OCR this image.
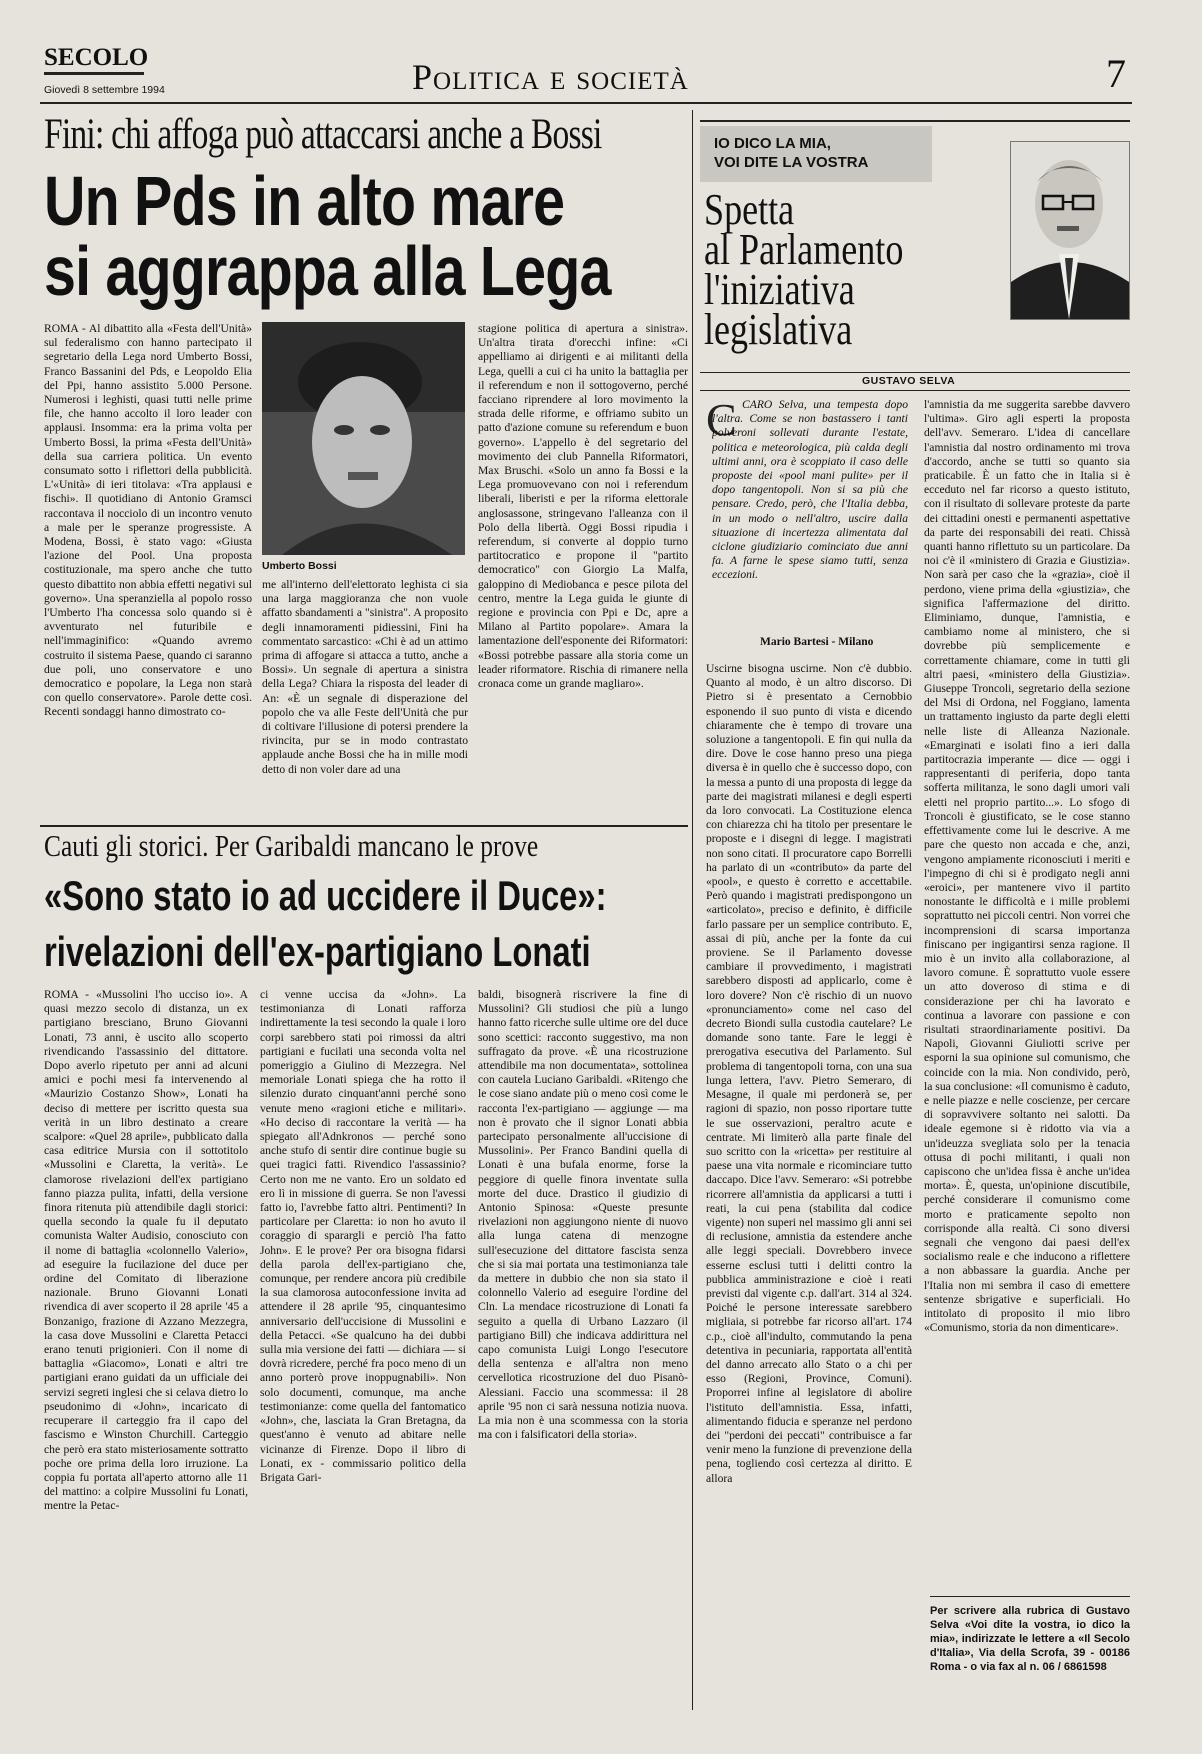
SECOLO
Giovedì 8 settembre 1994	Politica e società	7
Fini: chi affoga può attaccarsi anche a Bossi
Un Pds in alto mare
si aggrappa alla Lega

ROMA - Al dibattito alla «Festa dell'Unità» sul federalismo con hanno partecipato il segretario della Lega nord Umberto Bossi, Franco Bassanini del Pds, e Leopoldo Elia del Ppi, hanno assistito 5.000 Persone. Numerosi i leghisti, quasi tutti nelle prime file, che hanno accolto il loro leader con applausi. Insomma: era la prima volta per Umberto Bossi, la prima «Festa dell'Unità» della sua carriera politica. Un evento consumato sotto i riflettori della pubblicità. L'«Unità» di ieri titolava: «Tra applausi e fischi». Il quotidiano di Antonio Gramsci raccontava il nocciolo di un incontro venuto a male per le speranze progressiste. A Modena, Bossi, è stato vago: «Giusta l'azione del Pool. Una proposta costituzionale, ma spero anche che tutto questo dibattito non abbia effetti negativi sul governo». Una speranziella al popolo rosso l'Umberto l'ha concessa solo quando si è avventurato nel futuribile e nell'immaginifico: «Quando avremo costruito il sistema Paese, quando ci saranno due poli, uno conservatore e uno democratico e popolare, la Lega non starà con quello conservatore». Parole dette così. Recenti sondaggi hanno dimostrato co-

Umberto Bossi

me all'interno dell'elettorato leghista ci sia una larga maggioranza che non vuole affatto sbandamenti a "sinistra". A proposito degli innamoramenti pidiessini, Fini ha commentato sarcastico: «Chi è ad un attimo prima di affogare si attacca a tutto, anche a Bossi». Un segnale di apertura a sinistra della Lega? Chiara la risposta del leader di An: «È un segnale di disperazione del popolo che va alle Feste dell'Unità che pur di coltivare l'illusione di potersi prendere la rivincita, pur se in modo contrastato applaude anche Bossi che ha in mille modi detto di non voler dare ad una

stagione politica di apertura a sinistra». Un'altra tirata d'orecchi infine: «Ci appelliamo ai dirigenti e ai militanti della Lega, quelli a cui ci ha unito la battaglia per il referendum e non il sottogoverno, perché facciano riprendere al loro movimento la strada delle riforme, e offriamo subito un patto d'azione comune su referendum e buon governo». L'appello è del segretario del movimento dei club Pannella Riformatori, Max Bruschi. «Solo un anno fa Bossi e la Lega promuovevano con noi i referendum liberali, liberisti e per la riforma elettorale anglosassone, stringevano l'alleanza con il Polo della libertà. Oggi Bossi ripudia i referendum, si converte al doppio turno partitocratico e propone il "partito democratico" con Giorgio La Malfa, galoppino di Mediobanca e pesce pilota del centro, mentre la Lega guida le giunte di regione e provincia con Ppi e Dc, apre a Milano al Partito popolare». Amara la lamentazione dell'esponente dei Riformatori: «Bossi potrebbe passare alla storia come un leader riformatore. Rischia di rimanere nella cronaca come un grande magliaro».

Cauti gli storici. Per Garibaldi mancano le prove
«Sono stato io ad uccidere il Duce»:
rivelazioni dell'ex-partigiano Lonati

ROMA - «Mussolini l'ho ucciso io». A quasi mezzo secolo di distanza, un ex partigiano bresciano, Bruno Giovanni Lonati, 73 anni, è uscito allo scoperto rivendicando l'assassinio del dittatore. Dopo averlo ripetuto per anni ad alcuni amici e pochi mesi fa intervenendo al «Maurizio Costanzo Show», Lonati ha deciso di mettere per iscritto questa sua verità in un libro destinato a creare scalpore: «Quel 28 aprile», pubblicato dalla casa editrice Mursia con il sottotitolo «Mussolini e Claretta, la verità». Le clamorose rivelazioni dell'ex partigiano fanno piazza pulita, infatti, della versione finora ritenuta più attendibile dagli storici: quella secondo la quale fu il deputato comunista Walter Audisio, conosciuto con il nome di battaglia «colonnello Valerio», ad eseguire la fucilazione del duce per ordine del Comitato di liberazione nazionale. Bruno Giovanni Lonati rivendica di aver scoperto il 28 aprile '45 a Bonzanigo, frazione di Azzano Mezzegra, la casa dove Mussolini e Claretta Petacci erano tenuti prigionieri. Con il nome di battaglia «Giacomo», Lonati e altri tre partigiani erano guidati da un ufficiale dei servizi segreti inglesi che si celava dietro lo pseudonimo di «John», incaricato di recuperare il carteggio fra il capo del fascismo e Winston Churchill. Carteggio che però era stato misteriosamente sottratto poche ore prima della loro irruzione. La coppia fu portata all'aperto attorno alle 11 del mattino: a colpire Mussolini fu Lonati, mentre la Petac-

ci venne uccisa da «John». La testimonianza di Lonati rafforza indirettamente la tesi secondo la quale i loro corpi sarebbero stati poi rimossi da altri partigiani e fucilati una seconda volta nel pomeriggio a Giulino di Mezzegra. Nel memoriale Lonati spiega che ha rotto il silenzio durato cinquant'anni perché sono venute meno «ragioni etiche e militari». «Ho deciso di raccontare la verità — ha spiegato all'Adnkronos — perché sono anche stufo di sentir dire continue bugie su quei tragici fatti. Rivendico l'assassinio? Certo non me ne vanto. Ero un soldato ed ero lì in missione di guerra. Se non l'avessi fatto io, l'avrebbe fatto altri. Pentimenti? In particolare per Claretta: io non ho avuto il coraggio di sparargli e perciò l'ha fatto John». E le prove? Per ora bisogna fidarsi della parola dell'ex-partigiano che, comunque, per rendere ancora più credibile la sua clamorosa autoconfessione invita ad attendere il 28 aprile '95, cinquantesimo anniversario dell'uccisione di Mussolini e della Petacci. «Se qualcuno ha dei dubbi sulla mia versione dei fatti — dichiara — si dovrà ricredere, perché fra poco meno di un anno porterò prove inoppugnabili». Non solo documenti, comunque, ma anche testimonianze: come quella del fantomatico «John», che, lasciata la Gran Bretagna, da quest'anno è venuto ad abitare nelle vicinanze di Firenze. Dopo il libro di Lonati, ex - commissario politico della Brigata Gari-

baldi, bisognerà riscrivere la fine di Mussolini? Gli studiosi che più a lungo hanno fatto ricerche sulle ultime ore del duce sono scettici: racconto suggestivo, ma non suffragato da prove. «È una ricostruzione attendibile ma non documentata», sottolinea con cautela Luciano Garibaldi. «Ritengo che le cose siano andate più o meno così come le racconta l'ex-partigiano — aggiunge — ma non è provato che il signor Lonati abbia partecipato personalmente all'uccisione di Mussolini». Per Franco Bandini quella di Lonati è una bufala enorme, forse la peggiore di quelle finora inventate sulla morte del duce. Drastico il giudizio di Antonio Spinosa: «Queste presunte rivelazioni non aggiungono niente di nuovo alla lunga catena di menzogne sull'esecuzione del dittatore fascista senza che si sia mai portata una testimonianza tale da mettere in dubbio che non sia stato il colonnello Valerio ad eseguire l'ordine del Cln. La mendace ricostruzione di Lonati fa seguito a quella di Urbano Lazzaro (il partigiano Bill) che indicava addirittura nel capo comunista Luigi Longo l'esecutore della sentenza e all'altra non meno cervellotica ricostruzione del duo Pisanò-Alessiani. Faccio una scommessa: il 28 aprile '95 non ci sarà nessuna notizia nuova. La mia non è una scommessa con la storia ma con i falsificatori della storia».

IO DICO LA MIA,
VOI DITE LA VOSTRA
Spetta
al Parlamento
l'iniziativa
legislativa
GUSTAVO SELVA
C CARO Selva, una tempesta dopo l'altra. Come se non bastassero i tanti polveroni sollevati durante l'estate, politica e meteorologica, più calda degli ultimi anni, ora è scoppiato il caso delle proposte dei «pool mani pulite» per il dopo tangentopoli. Non si sa più che pensare. Credo, però, che l'Italia debba, in un modo o nell'altro, uscire dalla situazione di incertezza alimentata dal ciclone giudiziario cominciato due anni fa. A farne le spese siamo tutti, senza eccezioni.

Mario Bartesi - Milano

Uscirne bisogna uscirne. Non c'è dubbio. Quanto al modo, è un altro discorso. Di Pietro si è presentato a Cernobbio esponendo il suo punto di vista e dicendo chiaramente che è tempo di trovare una soluzione a tangentopoli. E fin qui nulla da dire. Dove le cose hanno preso una piega diversa è in quello che è successo dopo, con la messa a punto di una proposta di legge da parte dei magistrati milanesi e degli esperti da loro convocati. La Costituzione elenca con chiarezza chi ha titolo per presentare le proposte e i disegni di legge. I magistrati non sono citati. Il procuratore capo Borrelli ha parlato di un «contributo» da parte del «pool», e questo è corretto e accettabile. Però quando i magistrati predispongono un «articolato», preciso e definito, è difficile farlo passare per un semplice contributo. E, assai di più, anche per la fonte da cui proviene. Se il Parlamento dovesse cambiare il provvedimento, i magistrati sarebbero disposti ad applicarlo, come è loro dovere? Non c'è rischio di un nuovo «pronunciamento» come nel caso del decreto Biondi sulla custodia cautelare? Le domande sono tante. Fare le leggi è prerogativa esecutiva del Parlamento. Sul problema di tangentopoli torna, con una sua lunga lettera, l'avv. Pietro Semeraro, di Mesagne, il quale mi perdonerà se, per ragioni di spazio, non posso riportare tutte le sue osservazioni, peraltro acute e centrate. Mi limiterò alla parte finale del suo scritto con la «ricetta» per restituire al paese una vita normale e ricominciare tutto daccapo. Dice l'avv. Semeraro: «Si potrebbe ricorrere all'amnistia da applicarsi a tutti i reati, la cui pena (stabilita dal codice vigente) non superi nel massimo gli anni sei di reclusione, amnistia da estendere anche alle leggi speciali. Dovrebbero invece esserne esclusi tutti i delitti contro la pubblica amministrazione e cioè i reati previsti dal vigente c.p. dall'art. 314 al 324. Poiché le persone interessate sarebbero migliaia, si potrebbe far ricorso all'art. 174 c.p., cioè all'indulto, commutando la pena detentiva in pecuniaria, rapportata all'entità del danno arrecato allo Stato o a chi per esso (Regioni, Province, Comuni). Proporrei infine al legislatore di abolire l'istituto dell'amnistia. Essa, infatti, alimentando fiducia e speranze nel perdono dei "perdoni dei peccati" contribuisce a far venir meno la funzione di prevenzione della pena, togliendo così certezza al diritto. E allora

l'amnistia da me suggerita sarebbe davvero l'ultima». Giro agli esperti la proposta dell'avv. Semeraro. L'idea di cancellare l'amnistia dal nostro ordinamento mi trova d'accordo, anche se tutti so quanto sia praticabile. È un fatto che in Italia si è ecceduto nel far ricorso a questo istituto, con il risultato di sollevare proteste da parte dei cittadini onesti e permanenti aspettative da parte dei responsabili dei reati. Chissà quanti hanno riflettuto su un particolare. Da noi c'è il «ministero di Grazia e Giustizia». Non sarà per caso che la «grazia», cioè il perdono, viene prima della «giustizia», che significa l'affermazione del diritto. Eliminiamo, dunque, l'amnistia, e cambiamo nome al ministero, che si dovrebbe più semplicemente e correttamente chiamare, come in tutti gli altri paesi, «ministero della Giustizia». Giuseppe Troncoli, segretario della sezione del Msi di Ordona, nel Foggiano, lamenta un trattamento ingiusto da parte degli eletti nelle liste di Alleanza Nazionale. «Emarginati e isolati fino a ieri dalla partitocrazia imperante — dice — oggi i rappresentanti di periferia, dopo tanta sofferta militanza, le sono dagli umori vali eletti nel proprio partito...». Lo sfogo di Troncoli è giustificato, se le cose stanno effettivamente come lui le descrive. A me pare che questo non accada e che, anzi, vengono ampiamente riconosciuti i meriti e l'impegno di chi si è prodigato negli anni «eroici», per mantenere vivo il partito nonostante le difficoltà e i mille problemi soprattutto nei piccoli centri. Non vorrei che incomprensioni di scarsa importanza finiscano per ingigantirsi senza ragione. Il mio è un invito alla collaborazione, al lavoro comune. È soprattutto vuole essere un atto doveroso di stima e di considerazione per chi ha lavorato e continua a lavorare con passione e con risultati straordinariamente positivi. Da Napoli, Giovanni Giuliotti scrive per esporni la sua opinione sul comunismo, che coincide con la mia. Non condivido, però, la sua conclusione: «Il comunismo è caduto, e nelle piazze e nelle coscienze, per cercare di sopravvivere soltanto nei salotti. Da ideale egemone si è ridotto via via a un'ideuzza svegliata solo per la tenacia ottusa di pochi militanti, i quali non capiscono che un'idea fissa è anche un'idea morta». È, questa, un'opinione discutibile, perché considerare il comunismo come morto e praticamente sepolto non corrisponde alla realtà. Ci sono diversi segnali che vengono dai paesi dell'ex socialismo reale e che inducono a riflettere a non abbassare la guardia. Anche per l'Italia non mi sembra il caso di emettere sentenze sbrigative e superficiali. Ho intitolato di proposito il mio libro «Comunismo, storia da non dimenticare».

Per scrivere alla rubrica di Gustavo Selva «Voi dite la vostra, io dico la mia», indirizzate le lettere a «Il Secolo d'Italia», Via della Scrofa, 39 - 00186 Roma - o via fax al n. 06 / 6861598
